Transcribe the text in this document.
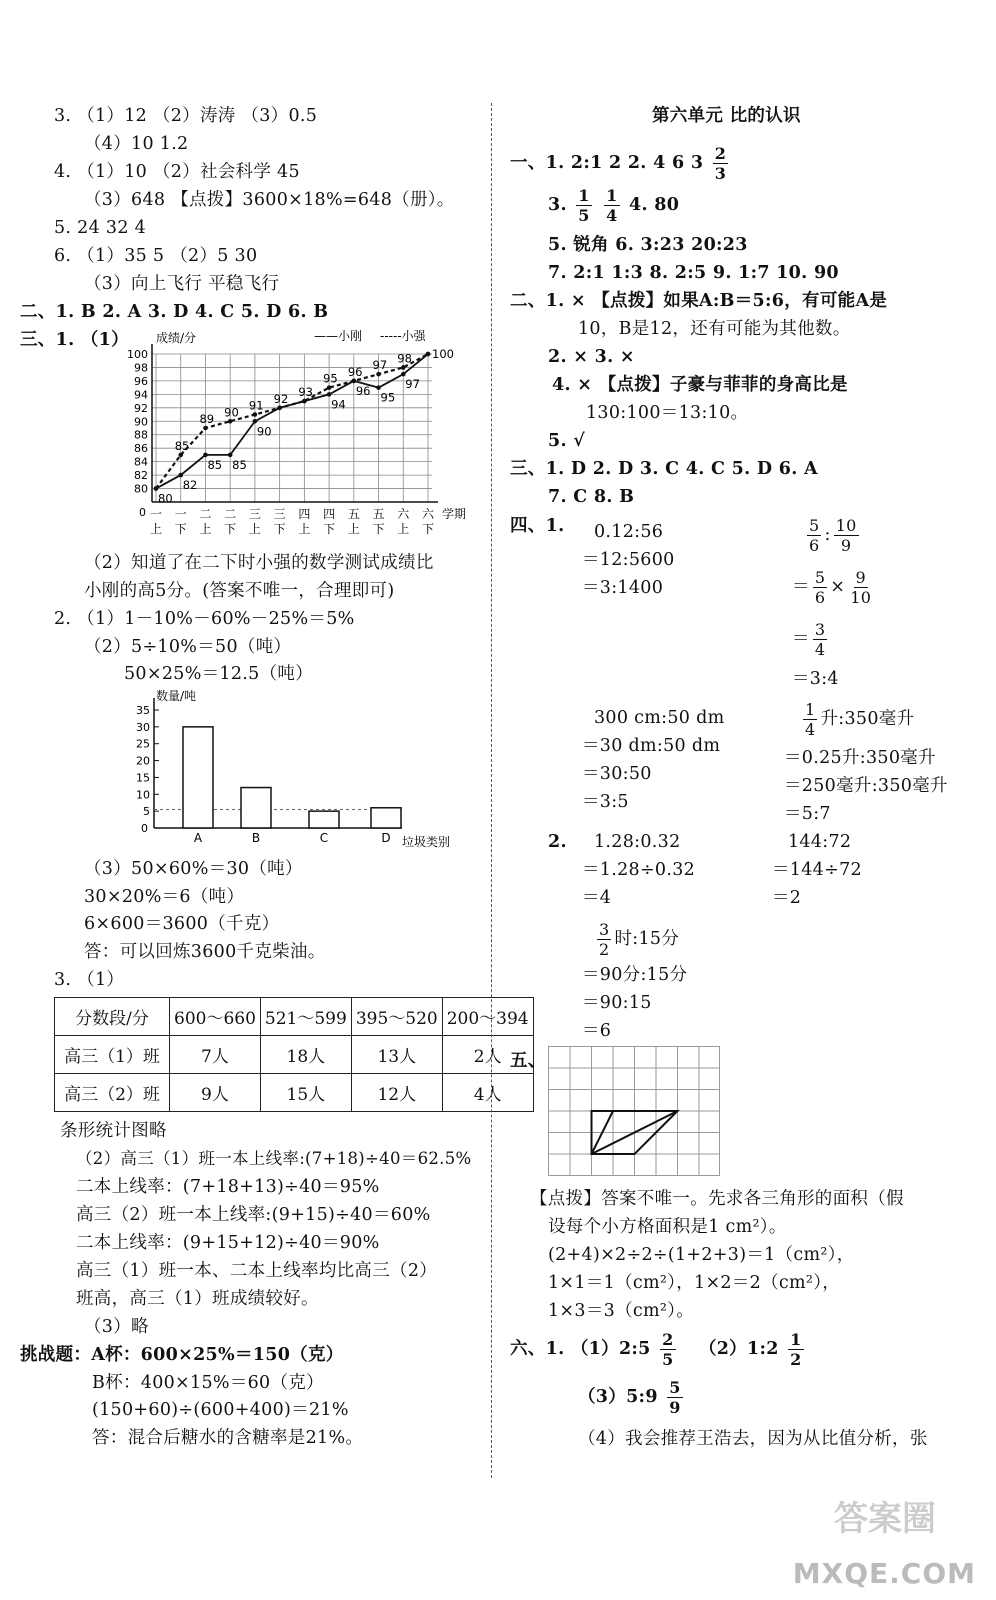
3. （1）12 （2）涛涛 （3）0.5
（4）10 1.2
4. （1）10 （2）社会科学 45
（3）648 【点拨】3600×18%=648（册）。
5. 24 32 4
6. （1）35 5 （2）5 30
（3）向上飞行 平稳飞行
二、1. B 2. A 3. D 4. C 5. D 6. B
三、1. （1） 成绩/分
80
82
84
86
88
90
92
94
96
98
100
0 一 一 二 二 三 三 四 四 五 五 六 六
上 下 上 下 上 下 上 下 上 下 上 下
学期
——小刚 -----小强
82
85 85
90
94
96 95
97
80
85
89 90 91 92 93
95 96 97 98 100
（2）知道了在二下时小强的数学测试成绩比
小刚的高5分。(答案不唯一，合理即可)
2. （1）1－10%－60%－25%＝5%
（2）5÷10%＝50（吨）
50×25%＝12.5（吨）
数量/吨
5
10
15
20
25
30
35
0
A	B	C	D 垃圾类别
（3）50×60%＝30（吨）
30×20%＝6（吨）
6×600＝3600（千克）
答：可以回炼3600千克柴油。
3. （1）
分数段/分	600～660	521～599	395～520	200～394
高三（1）班	7人	18人	13人	2人
高三（2）班	9人	15人	12人	4人
条形统计图略
（2）高三（1）班一本上线率:(7+18)÷40＝62.5%
二本上线率：(7+18+13)÷40＝95%
高三（2）班一本上线率:(9+15)÷40＝60%
二本上线率：(9+15+12)÷40＝90%
高三（1）班一本、二本上线率均比高三（2）
班高，高三（1）班成绩较好。
（3）略
挑战题：A杯：600×25%＝150（克）
B杯：400×15%＝60（克）
(150+60)÷(600+400)＝21%
答：混合后糖水的含糖率是21%。
第六单元 比的认识
一、1. 2:1 2 2. 4 6 $3 \frac{2}{3}$
3. $\frac{1}{5}$
$\frac{1}{4} 4$. 80
5. 锐角 6. 3:23 20:23
7. 2:1 1:3 8. 2:5 9. 1:7 10. 90
二、1. × 【点拨】如果A:B＝5:6，有可能A是
10，B是12，还有可能为其他数。
2. × 3. ×
4. × 【点拨】子豪与菲菲的身高比是
130:100＝13:10。
5. √
三、1. D 2. D 3. C 4. C 5. D 6. A
7. C 8. B
四、1. 0.12:56
＝12:5600
＝3:1400
$\frac{5}{6}$ : $\frac{10}{9}$
＝ $\frac{5}{6} \times \frac{9}{10}$
＝ $\frac{3}{4}$
＝3:4
300 cm:50 dm
＝30 dm:50 dm
＝30:50
＝3:5
$\frac{1}{4}$ 升:350毫升
＝0.25升:350毫升
＝250毫升:350毫升
＝5:7
2. 1.28:0.32
＝1.28÷0.32
＝4
144:72
＝144÷72
＝2
$\frac{3}{2}$ 时:15分
＝90分:15分
＝90:15
＝6
五、
【点拨】答案不唯一。先求各三角形的面积（假
设每个小方格面积是1 cm²）。
(2+4)×2÷2÷(1+2+3)＝1（cm²），
1×1＝1（cm²），1×2＝2（cm²），
1×3＝3（cm²）。
六、1. （1）2:5 $\frac{2}{5}$ （2）1:2 $\frac{1}{2}$
（3）5:9 $\frac{5}{9}$
（4）我会推荐王浩去，因为从比值分析，张
答案圈
MXQE.COM
